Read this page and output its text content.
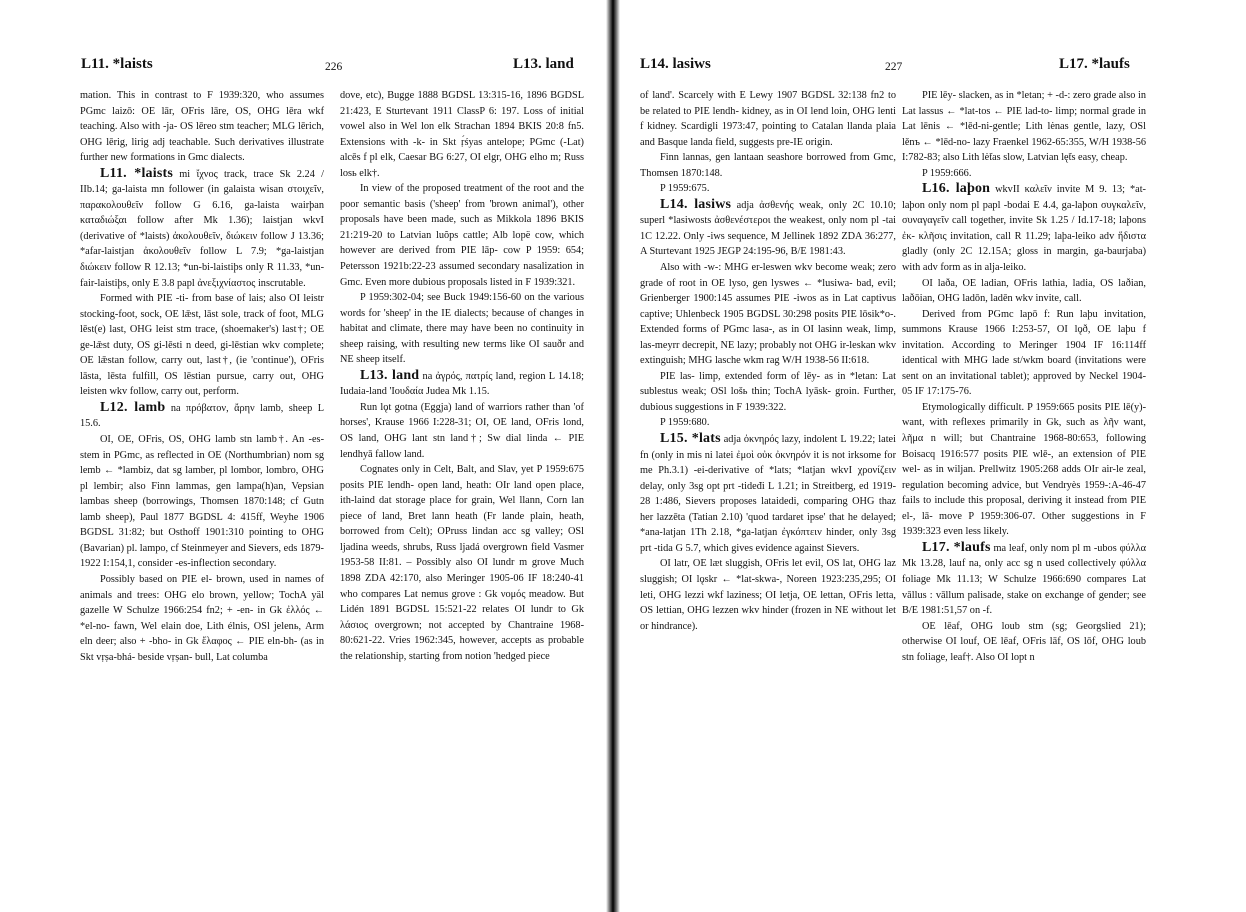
L11. *laists	226	L13. land

mation. This in contrast to F 1939:320, who assumes PGmc laizō: OE lār, OFris lāre, OS, OHG lēra wkf teaching. Also with -ja- OS lēreo stm teacher; MLG lērich, OHG lērig, lirig adj teachable. Such derivatives illustrate further new formations in Gmc dialects.

L11. *laists mi ἴχνος track, trace Sk 2.24 / IIb.14; ga-laista mn follower (in galaista wisan στοιχεῖν, παρακολουθεῖν follow G 6.16, ga-laista wairþan καταδιώξαι follow after Mk 1.36); laistjan wkvI (derivative of *laists) ἀκολουθεῖν, διώκειν follow J 13.36; *afar-laistjan ἀκολουθεῖν follow L 7.9; *ga-laistjan διώκειν follow R 12.13; *un-bi-laistiþs only R 11.33, *un-fair-laistiþs, only E 3.8 papl ἀνεξιχνίαστος inscrutable.

Formed with PIE -ti- from base of lais; also OI leistr stocking-foot, sock, OE lǣst, lāst sole, track of foot, MLG lēst(e) last, OHG leist stm trace, (shoemaker's) last†; OE ge-lǣst duty, OS gi-lēsti n deed, gi-lēstian wkv complete; OE lǣstan follow, carry out, last†, (ie 'continue'), OFris lāsta, lēsta fulfill, OS lēstian pursue, carry out, OHG leisten wkv follow, carry out, perform.

L12. lamb na πρόβατον, ἄρην lamb, sheep L 15.6.

OI, OE, OFris, OS, OHG lamb stn lamb†. An -es-stem in PGmc, as reflected in OE (Northumbrian) nom sg lemb ← *lambiz, dat sg lamber, pl lombor, lombro, OHG pl lembir; also Finn lammas, gen lampa(h)an, Vepsian lambas sheep (borrowings, Thomsen 1870:148; cf Gutn lamb sheep), Paul 1877 BGDSL 4: 415ff, Weyhe 1906 BGDSL 31:82; but Osthoff 1901:310 pointing to OHG (Bavarian) pl. lampo, cf Steinmeyer and Sievers, eds 1879-1922 I:154,1, consider -es-inflection secondary.

Possibly based on PIE el- brown, used in names of animals and trees: OHG elo brown, yellow; TochA yäl gazelle W Schulze 1966:254 fn2; + -en- in Gk ἐλλός ← *el-no- fawn, Wel elain doe, Lith élnis, OSl jelenь, Arm eln deer; also + -bho- in Gk ἔλαφος ← PIE eln-bh- (as in Skt vṛṣa-bhá- beside vṛṣan- bull, Lat columba

dove, etc), Bugge 1888 BGDSL 13:315-16, 1896 BGDSL 21:423, E Sturtevant 1911 ClassP 6: 197. Loss of initial vowel also in Wel lon elk Strachan 1894 BKIS 20:8 fn5. Extensions with -k- in Skt ṛ́śyas antelope; PGmc (-Lat) alcēs f pl elk, Caesar BG 6:27, OI elgr, OHG elho m; Russ losь elk†.

In view of the proposed treatment of the root and the poor semantic basis ('sheep' from 'brown animal'), other proposals have been made, such as Mikkola 1896 BKIS 21:219-20 to Latvian luõps cattle; Alb lopë cow, which however are derived from PIE lāp- cow P 1959: 654; Petersson 1921b:22-23 assumed secondary nasalization in Gmc. Even more dubious proposals listed in F 1939:321.

P 1959:302-04; see Buck 1949:156-60 on the various words for 'sheep' in the IE dialects; because of changes in habitat and climate, there may have been no continuity in sheep raising, with resulting new terms like OI sauðr and NE sheep itself.

L13. land na ἀγρός, πατρίς land, region L 14.18; Iudaia-land 'Ιουδαία Judea Mk 1.15.

Run lǫt gotna (Eggja) land of warriors rather than 'of horses', Krause 1966 I:228-31; OI, OE land, OFris lond, OS land, OHG lant stn land†; Sw dial linda ← PIE lendhyā fallow land.

Cognates only in Celt, Balt, and Slav, yet P 1959:675 posits PIE lendh- open land, heath: OIr land open place, ith-laind dat storage place for grain, Wel llann, Corn lan piece of land, Bret lann heath (Fr lande plain, heath, borrowed from Celt); OPruss lindan acc sg valley; OSl ljadina weeds, shrubs, Russ ljadá overgrown field Vasmer 1953-58 II:81. – Possibly also OI lundr m grove Much 1898 ZDA 42:170, also Meringer 1905-06 IF 18:240-41 who compares Lat nemus grove : Gk νομός meadow. But Lidén 1891 BGDSL 15:521-22 relates OI lundr to Gk λάσιος overgrown; not accepted by Chantraine 1968-80:621-22. Vries 1962:345, however, accepts as probable the relationship, starting from notion 'hedged piece

L14. lasiws	227	L17. *laufs

of land'. Scarcely with E Lewy 1907 BGDSL 32:138 fn2 to be related to PIE lendh- kidney, as in OI lend loin, OHG lenti f kidney. Scardigli 1973:47, pointing to Catalan llanda plaia and Basque landa field, suggests pre-IE origin.

Finn lannas, gen lantaan seashore borrowed from Gmc, Thomsen 1870:148.

P 1959:675.

L14. lasiws adja ἀσθενής weak, only 2C 10.10; superl *lasiwosts ἀσθενέστεροι the weakest, only nom pl -tai 1C 12.22. Only -iws sequence, M Jellinek 1892 ZDA 36:277, A Sturtevant 1925 JEGP 24:195-96, B/E 1981:43.

Also with -w-: MHG er-leswen wkv become weak; zero grade of root in OE lyso, gen lyswes ← *lusiwa- bad, evil; Grienberger 1900:145 assumes PIE -iwos as in Lat captivus captive; Uhlenbeck 1905 BGDSL 30:298 posits PIE lōsik*o-. Extended forms of PGmc lasa-, as in OI lasinn weak, limp, las-meyrr decrepit, NE lazy; probably not OHG ir-leskan wkv extinguish; MHG lasche wkm rag W/H 1938-56 II:618.

PIE las- limp, extended form of lēy- as in *letan: Lat sublestus weak; OSl lošь thin; TochA lyāsk- groin. Further, dubious suggestions in F 1939:322.

P 1959:680.

L15. *lats adja ὀκνηρός lazy, indolent L 19.22; latei fn (only in mis ni latei ἐμοὶ οὐκ ὀκνηρόν it is not irksome for me Ph.3.1) -ei-derivative of *lats; *latjan wkvI χρονίζειν delay, only 3sg opt prt -tideđi L 1.21; in Streitberg, ed 1919-28 1:486, Sievers proposes lataidedi, comparing OHG thaz her lazzēta (Tatian 2.10) 'quod tardaret ipse' that he delayed; *ana-latjan 1Th 2.18, *ga-latjan ἐγκόπτειν hinder, only 3sg prt -tida G 5.7, which gives evidence against Sievers.

OI latr, OE læt sluggish, OFris let evil, OS lat, OHG laz sluggish; OI lǫskr ← *lat-skwa-, Noreen 1923:235,295; OI leti, OHG lezzi wkf laziness; OI letja, OE lettan, OFris letta, OS lettian, OHG lezzen wkv hinder (frozen in NE without let or hindrance).

PIE lēy- slacken, as in *letan; + -d-: zero grade also in Lat lassus ← *lat-tos ← PIE lad-to- limp; normal grade in Lat lēnis ← *lēd-ni-gentle; Lith lėnas gentle, lazy, OSl lěnъ ← *lēd-no- lazy Fraenkel 1962-65:355, W/H 1938-56 I:782-83; also Lith lė̃tas slow, Latvian lę̃ts easy, cheap.

P 1959:666.

L16. laþon wkvII καλεῖν invite M 9. 13; *at-laþon only nom pl papl -bodai E 4.4, ga-laþon συγκαλεῖν, συναγαγεῖν call together, invite Sk 1.25 / Id.17-18; laþons ἐκ- κλῆσις invitation, call R 11.29; laþa-leiko adv ἥδιστα gladly (only 2C 12.15A; gloss in margin, ga-baurjaba) with adv form as in alja-leiko.

OI laða, OE ladian, OFris lathia, ladia, OS laðian, laðōian, OHG ladōn, ladēn wkv invite, call.

Derived from PGmc lapō f: Run laþu invitation, summons Krause 1966 I:253-57, OI lǫð, OE laþu f invitation. According to Meringer 1904 IF 16:114ff identical with MHG lade st/wkm board (invitations were sent on an invitational tablet); approved by Neckel 1904-05 IF 17:175-76.

Etymologically difficult. P 1959:665 posits PIE lē(y)- want, with reflexes primarily in Gk, such as λῆν want, λῆμα n will; but Chantraine 1968-80:653, following Boisacq 1916:577 posits PIE wlē-, an extension of PIE wel- as in wiljan. Prellwitz 1905:268 adds OIr air-le zeal, regulation becoming advice, but Vendryès 1959-:A-46-47 fails to include this proposal, deriving it instead from PIE el-, lā- move P 1959:306-07. Other suggestions in F 1939:323 even less likely.

L17. *laufs ma leaf, only nom pl m -ubos φύλλα Mk 13.28, lauf na, only acc sg n used collectively φύλλα foliage Mk 11.13; W Schulze 1966:690 compares Lat vāllus : vāllum palisade, stake on exchange of gender; see B/E 1981:51,57 on -f.

OE lēaf, OHG loub stm (sg; Georgslied 21); otherwise OI louf, OE lēaf, OFris lāf, OS lōf, OHG loub stn foliage, leaf†. Also OI lopt n
